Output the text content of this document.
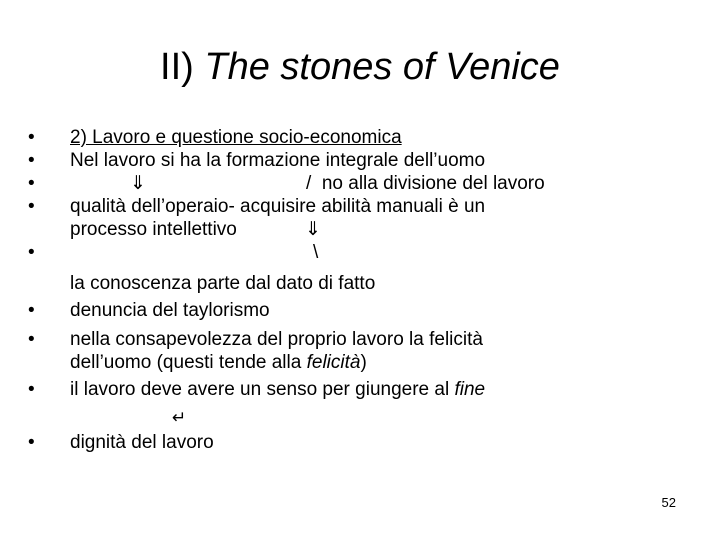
II) The stones of Venice
• 2) Lavoro e questione socio-economica
• Nel lavoro si ha la formazione integrale dell’uomo
•	⇓	/ no alla divisione del lavoro
• qualità dell’operaio- acquisire abilità manuali è un
processo intellettivo	⇓
•	\
la conoscenza parte dal dato di fatto
• denuncia del taylorismo
• nella consapevolezza del proprio lavoro la felicità
dell’uomo (questi tende alla felicità)
• il lavoro deve avere un senso per giungere al fine
↵
• dignità del lavoro
52
